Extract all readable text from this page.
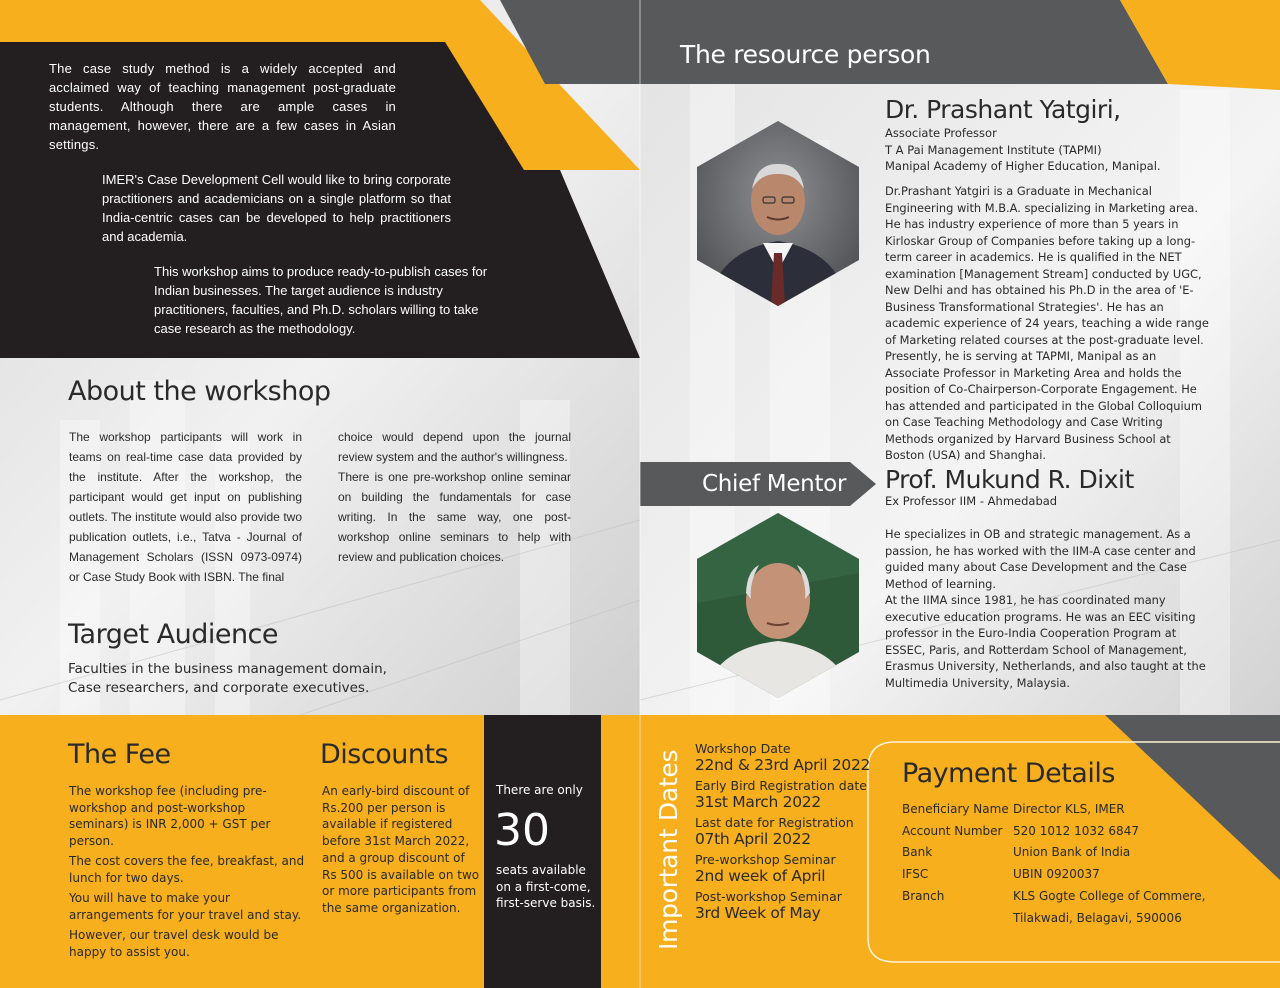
The case study method is a widely accepted and acclaimed way of teaching management post-graduate students. Although there are ample cases in management, however, there are a few cases in Asian settings.
IMER's Case Development Cell would like to bring corporate practitioners and academicians on a single platform so that India-centric cases can be developed to help practitioners and academia.
This workshop aims to produce ready-to-publish cases for Indian businesses. The target audience is industry practitioners, faculties, and Ph.D. scholars willing to take case research as the methodology.
About the workshop
The workshop participants will work in teams on real-time case data provided by the institute. After the workshop, the participant would get input on publishing outlets. The institute would also provide two publication outlets, i.e., Tatva - Journal of Management Scholars (ISSN 0973-0974) or Case Study Book with ISBN. The final
choice would depend upon the journal review system and the author's willingness.
There is one pre-workshop online seminar on building the fundamentals for case writing. In the same way, one post-workshop online seminars to help with review and publication choices.
Target Audience
Faculties in the business management domain,
Case researchers, and corporate executives.
The resource person
Dr. Prashant Yatgiri,
Associate Professor
T A Pai Management Institute (TAPMI)
Manipal Academy of Higher Education, Manipal.
Dr.Prashant Yatgiri is a Graduate in Mechanical Engineering with M.B.A. specializing in Marketing area. He has industry experience of more than 5 years in Kirloskar Group of Companies before taking up a long-term career in academics. He is qualified in the NET examination [Management Stream] conducted by UGC, New Delhi and has obtained his Ph.D in the area of 'E-Business Transformational Strategies'. He has an academic experience of 24 years, teaching a wide range of Marketing related courses at the post-graduate level. Presently, he is serving at TAPMI, Manipal as an Associate Professor in Marketing Area and holds the position of Co-Chairperson-Corporate Engagement. He has attended and participated in the Global Colloquium on Case Teaching Methodology and Case Writing Methods organized by Harvard Business School at Boston (USA) and Shanghai.
Chief Mentor Prof. Mukund R. Dixit
Ex Professor IIM - Ahmedabad
He specializes in OB and strategic management. As a passion, he has worked with the IIM-A case center and guided many about Case Development and the Case Method of learning.
At the IIMA since 1981, he has coordinated many executive education programs. He was an EEC visiting professor in the Euro-India Cooperation Program at ESSEC, Paris, and Rotterdam School of Management, Erasmus University, Netherlands, and also taught at the Multimedia University, Malaysia.
The Fee
The workshop fee (including pre-workshop and post-workshop seminars) is INR 2,000 + GST per person.
The cost covers the fee, breakfast, and lunch for two days.
You will have to make your arrangements for your travel and stay.
However, our travel desk would be happy to assist you.
Discounts
An early-bird discount of Rs.200 per person is available if registered before 31st March 2022, and a group discount of Rs 500 is available on two or more participants from the same organization.
There are only
30
seats available on a first-come, first-serve basis. Important Dates
Workshop Date
22nd & 23rd April 2022
Early Bird Registration date
31st March 2022
Last date for Registration
07th April 2022
Pre-workshop Seminar
2nd week of April
Post-workshop Seminar
3rd Week of May
Payment Details
Beneficiary Name
Account Number
Bank
IFSC
Branch
Director KLS, IMER
520 1012 1032 6847
Union Bank of India
UBIN 0920037
KLS Gogte College of Commere,
Tilakwadi, Belagavi, 590006
